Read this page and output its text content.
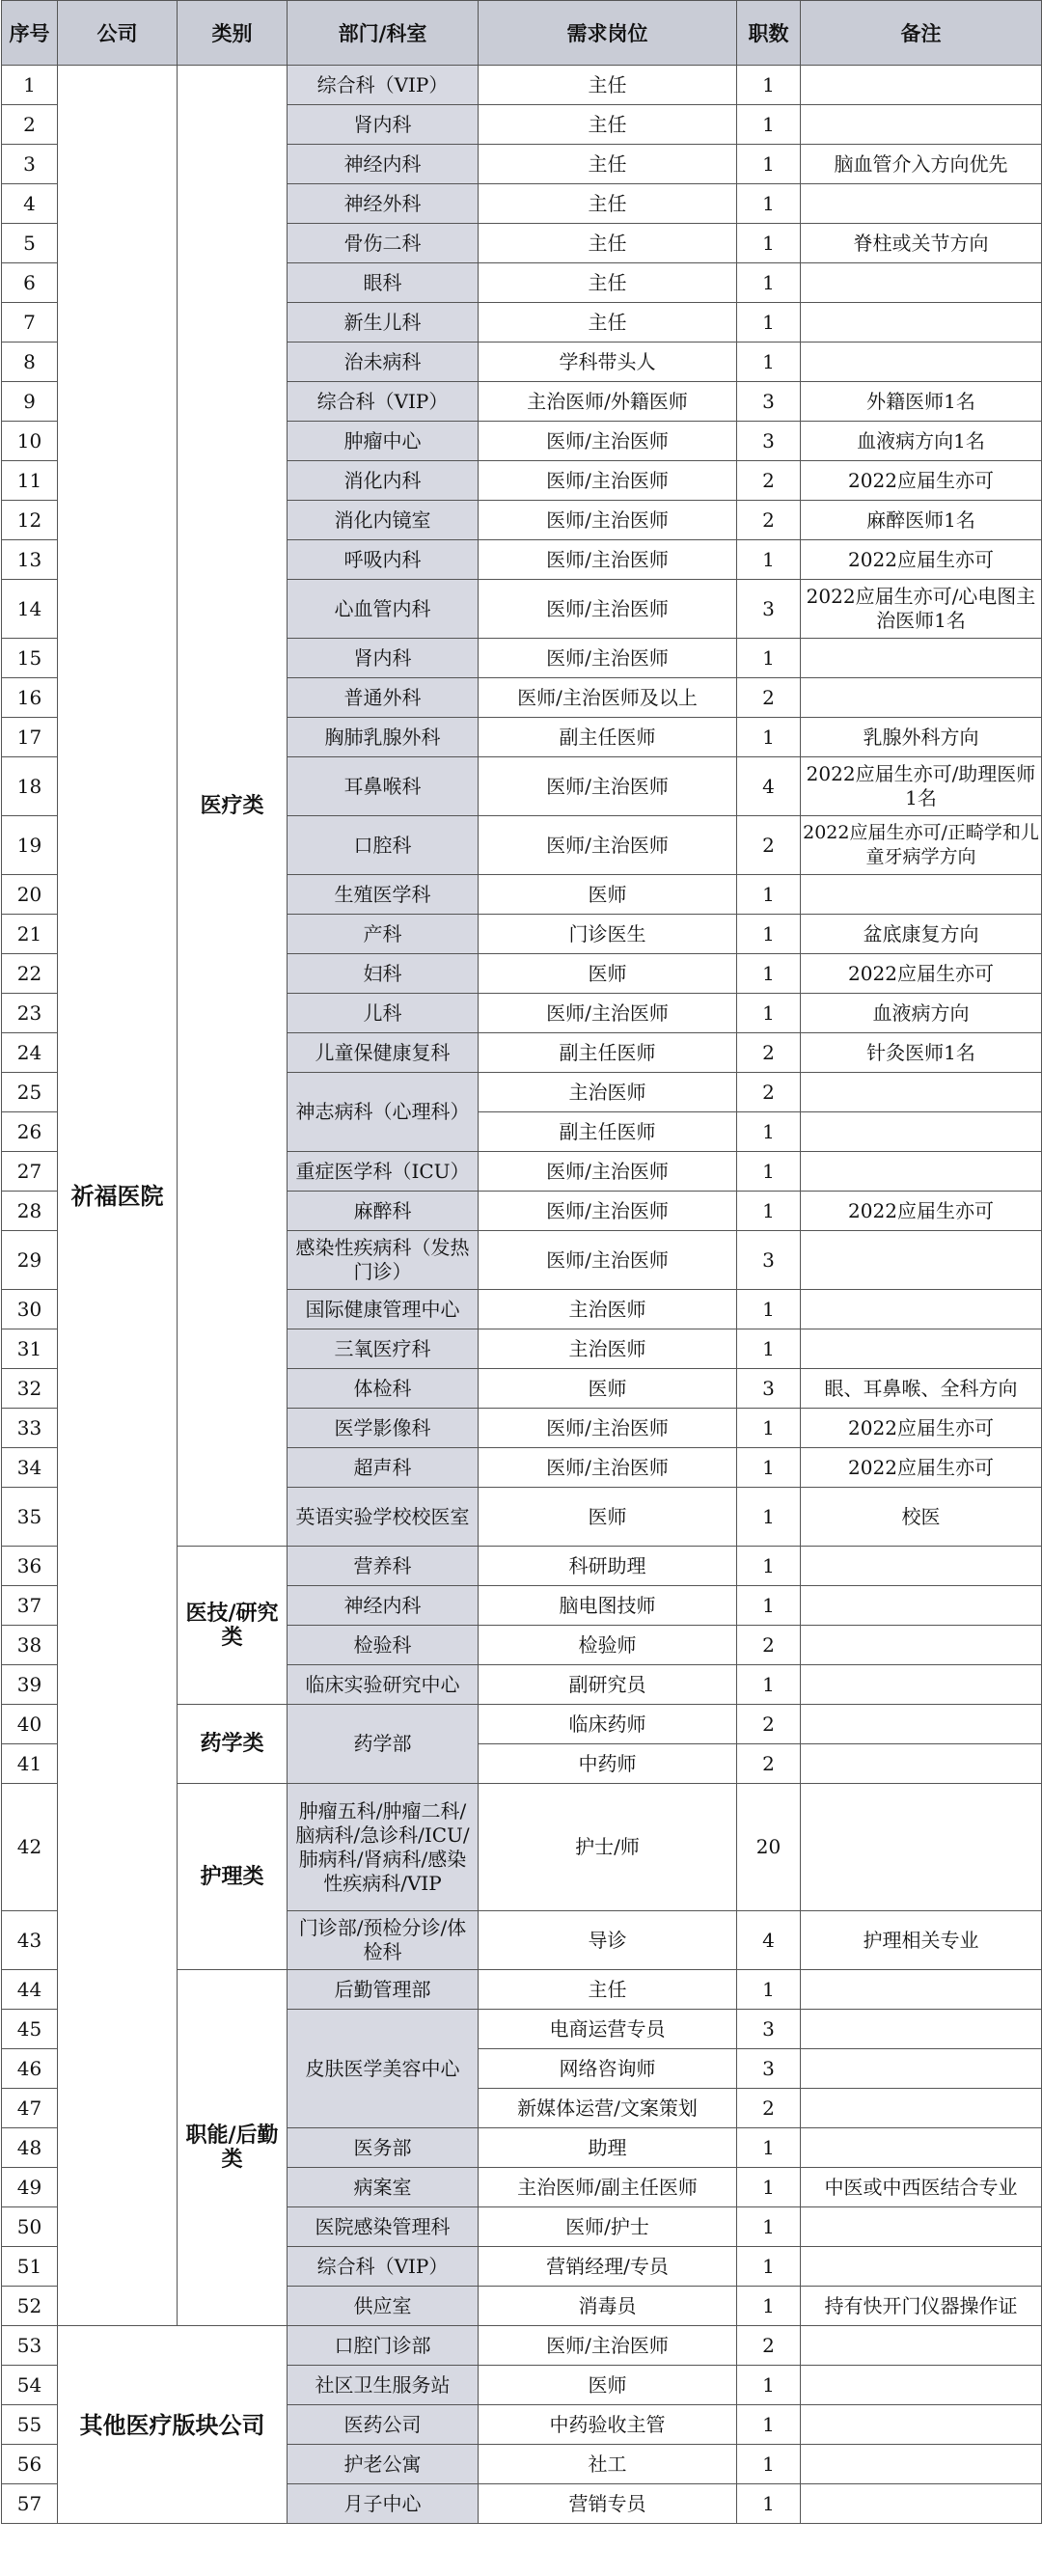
序号	公司	类别	部门/科室	需求岗位	职数	备注
1	祈福医院	医疗类	综合科（VIP）	主任	1	
2			肾内科	主任	1	
3			神经内科	主任	1	脑血管介入方向优先
4			神经外科	主任	1	
5			骨伤二科	主任	1	脊柱或关节方向
6			眼科	主任	1	
7			新生儿科	主任	1	
8			治未病科	学科带头人	1	
9			综合科（VIP）	主治医师/外籍医师	3	外籍医师1名
10			肿瘤中心	医师/主治医师	3	血液病方向1名
11			消化内科	医师/主治医师	2	2022应届生亦可
12			消化内镜室	医师/主治医师	2	麻醉医师1名
13			呼吸内科	医师/主治医师	1	2022应届生亦可
14			心血管内科	医师/主治医师	3	2022应届生亦可/心电图主治医师1名
15			肾内科	医师/主治医师	1	
16			普通外科	医师/主治医师及以上	2	
17			胸肺乳腺外科	副主任医师	1	乳腺外科方向
18			耳鼻喉科	医师/主治医师	4	2022应届生亦可/助理医师1名
19			口腔科	医师/主治医师	2	2022应届生亦可/正畸学和儿童牙病学方向
20			生殖医学科	医师	1	
21			产科	门诊医生	1	盆底康复方向
22			妇科	医师	1	2022应届生亦可
23			儿科	医师/主治医师	1	血液病方向
24			儿童保健康复科	副主任医师	2	针灸医师1名
25			神志病科（心理科）	主治医师	2	
26				副主任医师	1	
27			重症医学科（ICU）	医师/主治医师	1	
28			麻醉科	医师/主治医师	1	2022应届生亦可
29			感染性疾病科（发热门诊）	医师/主治医师	3	
30			国际健康管理中心	主治医师	1	
31			三氧医疗科	主治医师	1	
32			体检科	医师	3	眼、耳鼻喉、全科方向
33			医学影像科	医师/主治医师	1	2022应届生亦可
34			超声科	医师/主治医师	1	2022应届生亦可
35			英语实验学校校医室	医师	1	校医
36		医技/研究类	营养科	科研助理	1	
37			神经内科	脑电图技师	1	
38			检验科	检验师	2	
39			临床实验研究中心	副研究员	1	
40		药学类	药学部	临床药师	2	
41				中药师	2	
42		护理类	肿瘤五科/肿瘤二科/脑病科/急诊科/ICU/肺病科/肾病科/感染性疾病科/VIP	护士/师	20	
43			门诊部/预检分诊/体检科	导诊	4	护理相关专业
44		职能/后勤类	后勤管理部	主任	1	
45			皮肤医学美容中心	电商运营专员	3	
46				网络咨询师	3	
47				新媒体运营/文案策划	2	
48			医务部	助理	1	
49			病案室	主治医师/副主任医师	1	中医或中西医结合专业
50			医院感染管理科	医师/护士	1	
51			综合科（VIP）	营销经理/专员	1	
52			供应室	消毒员	1	持有快开门仪器操作证
53	其他医疗版块公司		口腔门诊部	医师/主治医师	2	
54			社区卫生服务站	医师	1	
55			医药公司	中药验收主管	1	
56			护老公寓	社工	1	
57			月子中心	营销专员	1	
